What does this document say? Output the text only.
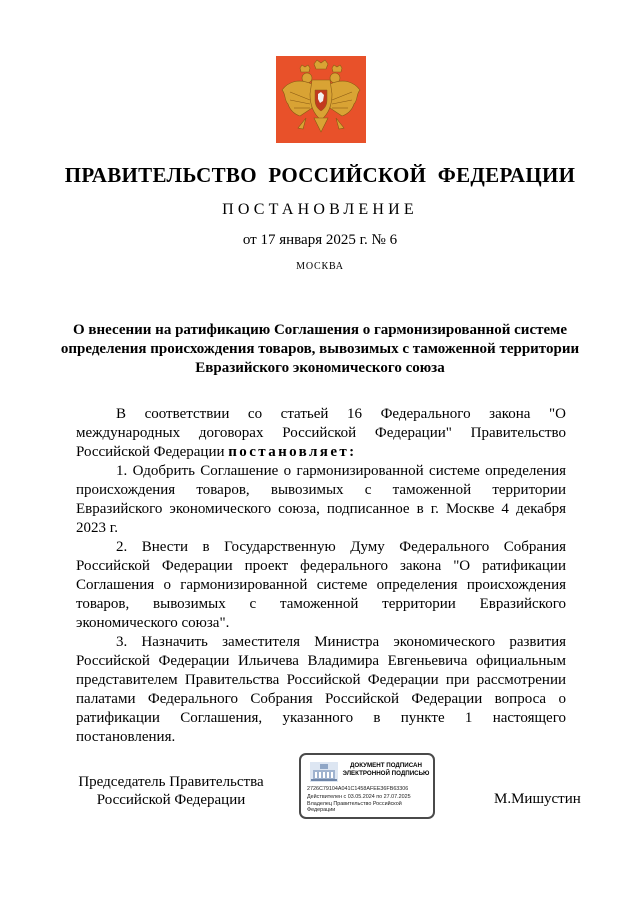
ПРАВИТЕЛЬСТВО РОССИЙСКОЙ ФЕДЕРАЦИИ
ПОСТАНОВЛЕНИЕ
от 17 января 2025 г. № 6
МОСКВА
О внесении на ратификацию Соглашения о гармонизированной системе определения происхождения товаров, вывозимых с таможенной территории Евразийского экономического союза

В соответствии со статьей 16 Федерального закона "О международных договорах Российской Федерации" Правительство Российской Федерации постановляет:

1. Одобрить Соглашение о гармонизированной системе определения происхождения товаров, вывозимых с таможенной территории Евразийского экономического союза, подписанное в г. Москве 4 декабря 2023 г.

2. Внести в Государственную Думу Федерального Собрания Российской Федерации проект федерального закона "О ратификации Соглашения о гармонизированной системе определения происхождения товаров, вывозимых с таможенной территории Евразийского экономического союза".

3. Назначить заместителя Министра экономического развития Российской Федерации Ильичева Владимира Евгеньевича официальным представителем Правительства Российской Федерации при рассмотрении палатами Федерального Собрания Российской Федерации вопроса о ратификации Соглашения, указанного в пункте 1 настоящего постановления.

Председатель Правительства
Российской Федерации
ДОКУМЕНТ ПОДПИСАН
ЭЛЕКТРОННОЙ ПОДПИСЬЮ
2726C79104A041C1458AFEE36FB63306
Действителен с 03.05.2024 по 27.07.2025
Владелец Правительство Российской
Федерации
М.Мишустин
